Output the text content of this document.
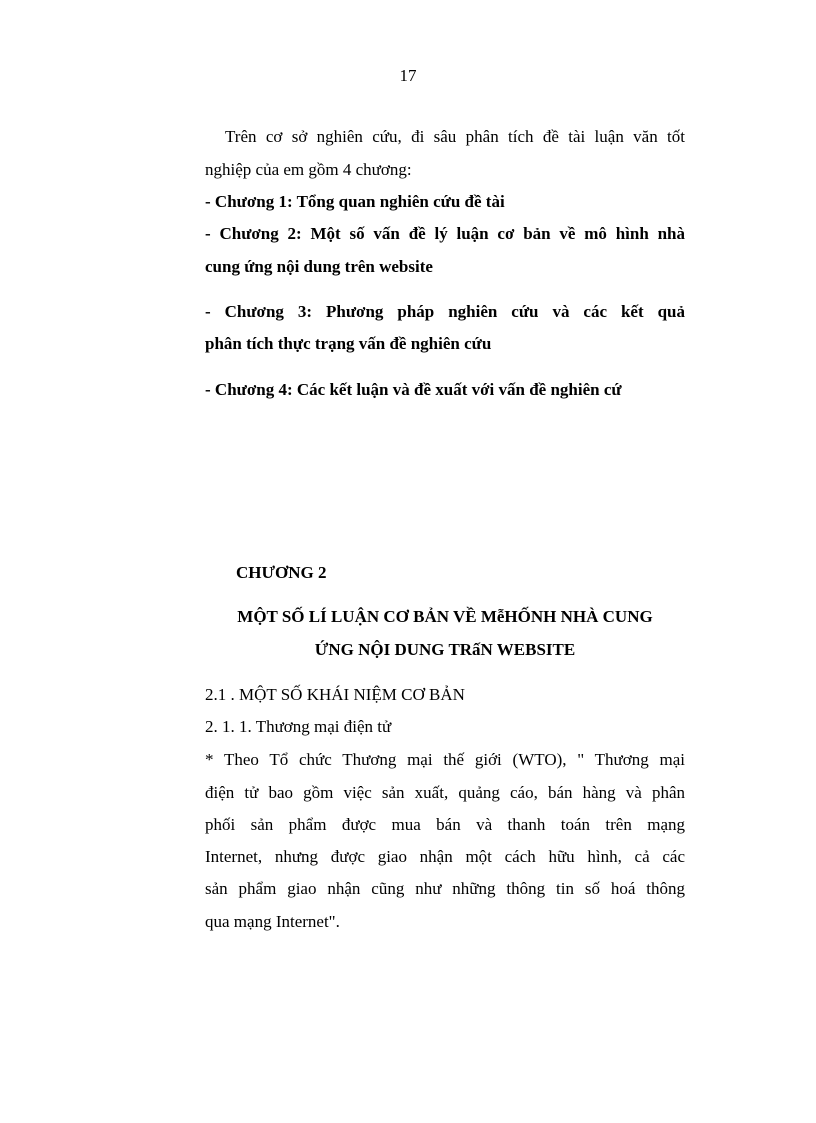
17
Trên cơ sở nghiên cứu, đi sâu phân tích đề tài luận văn tốt
nghiệp của em gồm 4 chương:
- Chương 1: Tổng quan nghiên cứu đề tài
- Chương 2: Một số vấn đề lý luận cơ bản về mô hình nhà
cung ứng nội dung trên website
- Chương 3: Phương pháp nghiên cứu và các kết quả
phân tích thực trạng vấn đề nghiên cứu
- Chương 4: Các kết luận và đề xuất với vấn đề nghiên cứ
CHƯƠNG 2
MỘT SỐ LÍ LUẬN CƠ BẢN VỀ MễHỐNH NHÀ CUNG
ỨNG NỘI DUNG TRấN WEBSITE
2.1 . MỘT SỐ KHÁI NIỆM CƠ BẢN
2. 1. 1. Thương mại điện tử
* Theo Tổ chức Thương mại thế giới (WTO), " Thương mại
điện tử bao gồm việc sản xuất, quảng cáo, bán hàng và phân
phối sản phẩm được mua bán và thanh toán trên mạng
Internet, nhưng được giao nhận một cách hữu hình, cả các
sản phẩm giao nhận cũng như những thông tin số hoá thông
qua mạng Internet".
